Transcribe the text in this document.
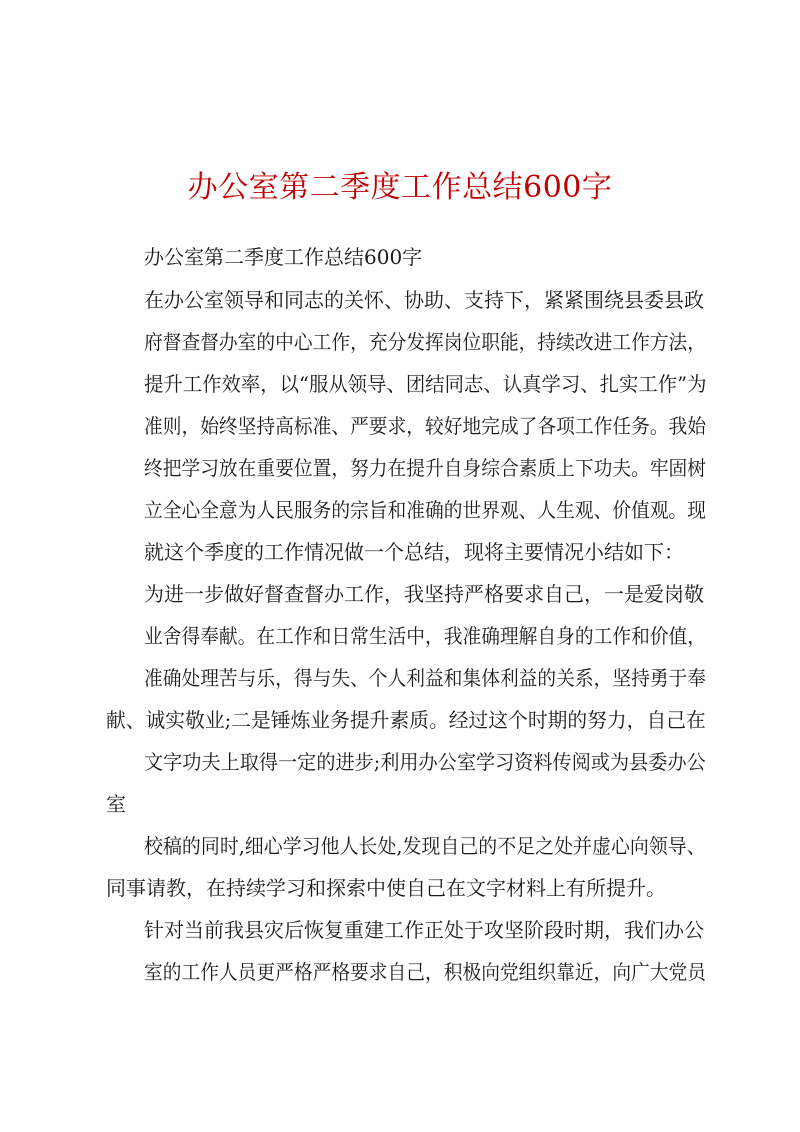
办公室第二季度工作总结600字
办公室第二季度工作总结600字
在办公室领导和同志的关怀、协助、支持下，紧紧围绕县委县政
府督查督办室的中心工作，充分发挥岗位职能，持续改进工作方法，
提升工作效率，以“服从领导、团结同志、认真学习、扎实工作”为
准则，始终坚持高标准、严要求，较好地完成了各项工作任务。我始
终把学习放在重要位置，努力在提升自身综合素质上下功夫。牢固树
立全心全意为人民服务的宗旨和准确的世界观、人生观、价值观。现
就这个季度的工作情况做一个总结，现将主要情况小结如下：
为进一步做好督查督办工作，我坚持严格要求自己，一是爱岗敬
业舍得奉献。在工作和日常生活中，我准确理解自身的工作和价值，
准确处理苦与乐，得与失、个人利益和集体利益的关系，坚持勇于奉
献、诚实敬业;二是锤炼业务提升素质。经过这个时期的努力，自己在
文字功夫上取得一定的进步;利用办公室学习资料传阅或为县委办公
室
校稿的同时,细心学习他人长处,发现自己的不足之处并虚心向领导、
同事请教，在持续学习和探索中使自己在文字材料上有所提升。
针对当前我县灾后恢复重建工作正处于攻坚阶段时期，我们办公
室的工作人员更严格严格要求自己，积极向党组织靠近，向广大党员
